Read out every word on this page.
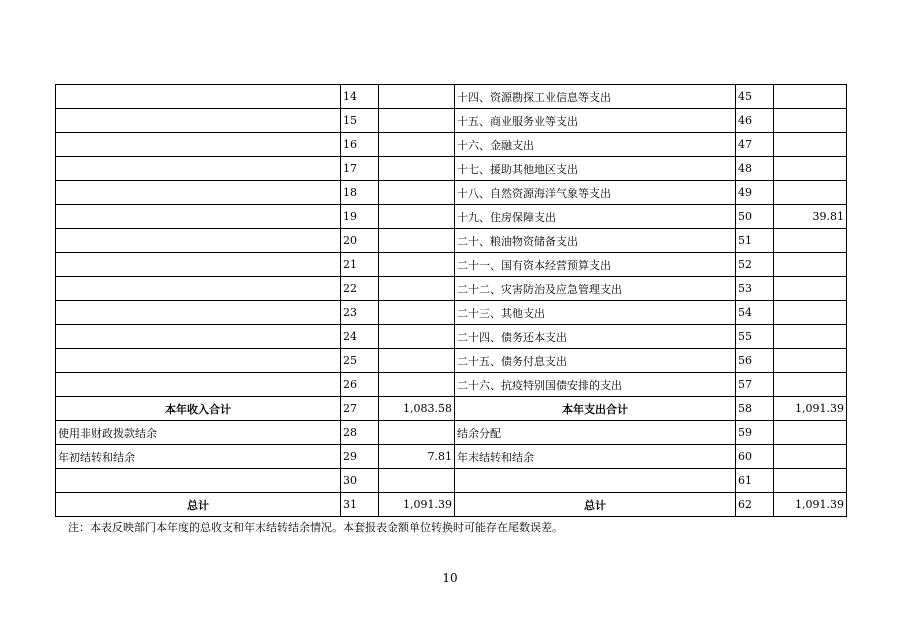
	14		十四、资源勘探工业信息等支出	45	
	15		十五、商业服务业等支出	46	
	16		十六、金融支出	47	
	17		十七、援助其他地区支出	48	
	18		十八、自然资源海洋气象等支出	49	
	19		十九、住房保障支出	50	39.81
	20		二十、粮油物资储备支出	51	
	21		二十一、国有资本经营预算支出	52	
	22		二十二、灾害防治及应急管理支出	53	
	23		二十三、其他支出	54	
	24		二十四、债务还本支出	55	
	25		二十五、债务付息支出	56	
	26		二十六、抗疫特别国债安排的支出	57	
本年收入合计	27	1,083.58	本年支出合计	58	1,091.39
使用非财政拨款结余	28		结余分配	59	
年初结转和结余	29	7.81	年末结转和结余	60	
	30			61	
总计	31	1,091.39	总计	62	1,091.39
注：本表反映部门本年度的总收支和年末结转结余情况。本套报表金额单位转换时可能存在尾数误差。
10
